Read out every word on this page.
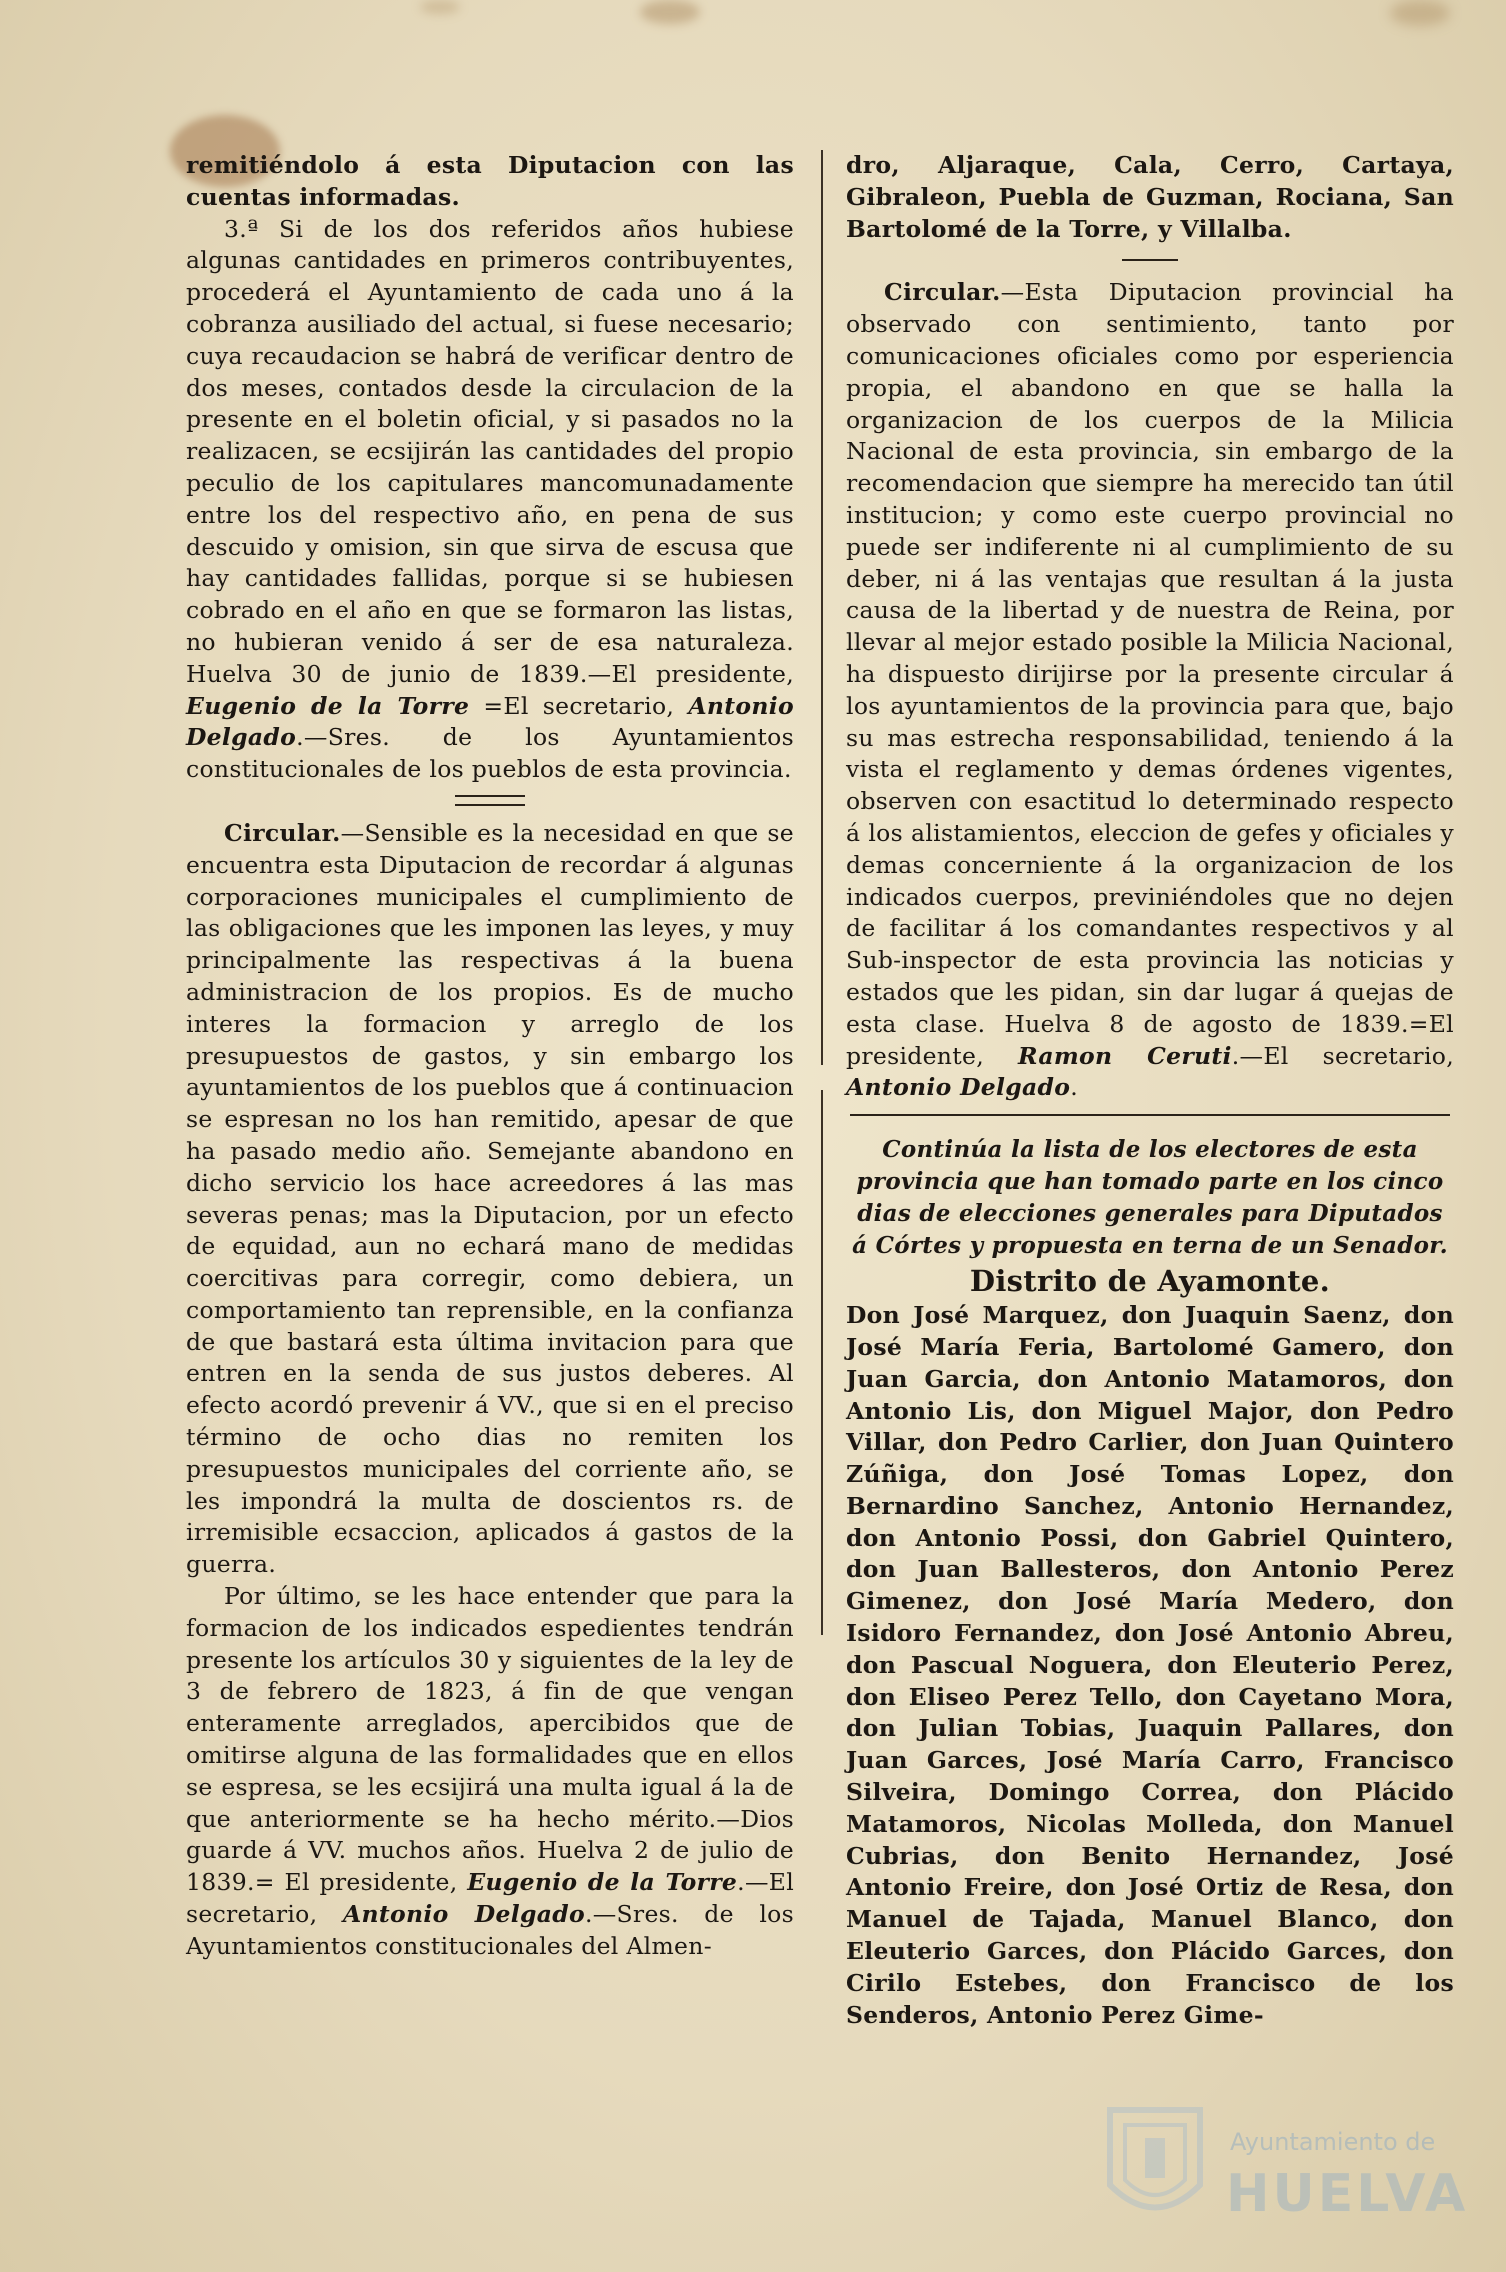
remitiéndolo á esta Diputacion con las cuentas informadas.

3.ª Si de los dos referidos años hubiese algunas cantidades en primeros contribuyentes, procederá el Ayuntamiento de cada uno á la cobranza ausiliado del actual, si fuese necesario; cuya recaudacion se habrá de verificar dentro de dos meses, contados desde la circulacion de la presente en el boletin oficial, y si pasados no la realizacen, se ecsijirán las cantidades del propio peculio de los capitulares mancomunadamente entre los del respectivo año, en pena de sus descuido y omision, sin que sirva de escusa que hay cantidades fallidas, porque si se hubiesen cobrado en el año en que se formaron las listas, no hubieran venido á ser de esa naturaleza. Huelva 30 de junio de 1839.—El presidente, Eugenio de la Torre =El secretario, Antonio Delgado.—Sres. de los Ayuntamientos constitucionales de los pueblos de esta provincia.

Circular.—Sensible es la necesidad en que se encuentra esta Diputacion de recordar á algunas corporaciones municipales el cumplimiento de las obligaciones que les imponen las leyes, y muy principalmente las respectivas á la buena administracion de los propios. Es de mucho interes la formacion y arreglo de los presupuestos de gastos, y sin embargo los ayuntamientos de los pueblos que á continuacion se espresan no los han remitido, apesar de que ha pasado medio año. Semejante abandono en dicho servicio los hace acreedores á las mas severas penas; mas la Diputacion, por un efecto de equidad, aun no echará mano de medidas coercitivas para corregir, como debiera, un comportamiento tan reprensible, en la confianza de que bastará esta última invitacion para que entren en la senda de sus justos deberes. Al efecto acordó prevenir á VV., que si en el preciso término de ocho dias no remiten los presupuestos municipales del corriente año, se les impondrá la multa de doscientos rs. de irremisible ecsaccion, aplicados á gastos de la guerra.

Por último, se les hace entender que para la formacion de los indicados espedientes tendrán presente los artículos 30 y siguientes de la ley de 3 de febrero de 1823, á fin de que vengan enteramente arreglados, apercibidos que de omitirse alguna de las formalidades que en ellos se espresa, se les ecsijirá una multa igual á la de que anteriormente se ha hecho mérito.—Dios guarde á VV. muchos años. Huelva 2 de julio de 1839.= El presidente, Eugenio de la Torre.—El secretario, Antonio Delgado.—Sres. de los Ayuntamientos constitucionales del Almen-

dro, Aljaraque, Cala, Cerro, Cartaya, Gibraleon, Puebla de Guzman, Rociana, San Bartolomé de la Torre, y Villalba.

Circular.—Esta Diputacion provincial ha observado con sentimiento, tanto por comunicaciones oficiales como por esperiencia propia, el abandono en que se halla la organizacion de los cuerpos de la Milicia Nacional de esta provincia, sin embargo de la recomendacion que siempre ha merecido tan útil institucion; y como este cuerpo provincial no puede ser indiferente ni al cumplimiento de su deber, ni á las ventajas que resultan á la justa causa de la libertad y de nuestra de Reina, por llevar al mejor estado posible la Milicia Nacional, ha dispuesto dirijirse por la presente circular á los ayuntamientos de la provincia para que, bajo su mas estrecha responsabilidad, teniendo á la vista el reglamento y demas órdenes vigentes, observen con esactitud lo determinado respecto á los alistamientos, eleccion de gefes y oficiales y demas concerniente á la organizacion de los indicados cuerpos, previniéndoles que no dejen de facilitar á los comandantes respectivos y al Sub-inspector de esta provincia las noticias y estados que les pidan, sin dar lugar á quejas de esta clase. Huelva 8 de agosto de 1839.=El presidente, Ramon Ceruti.—El secretario, Antonio Delgado.

Continúa la lista de los electores de esta provincia que han tomado parte en los cinco dias de elecciones generales para Diputados á Córtes y propuesta en terna de un Senador.

Distrito de Ayamonte.

Don José Marquez, don Juaquin Saenz, don José María Feria, Bartolomé Gamero, don Juan Garcia, don Antonio Matamoros, don Antonio Lis, don Miguel Major, don Pedro Villar, don Pedro Carlier, don Juan Quintero Zúñiga, don José Tomas Lopez, don Bernardino Sanchez, Antonio Hernandez, don Antonio Possi, don Gabriel Quintero, don Juan Ballesteros, don Antonio Perez Gimenez, don José María Medero, don Isidoro Fernandez, don José Antonio Abreu, don Pascual Noguera, don Eleuterio Perez, don Eliseo Perez Tello, don Cayetano Mora, don Julian Tobias, Juaquin Pallares, don Juan Garces, José María Carro, Francisco Silveira, Domingo Correa, don Plácido Matamoros, Nicolas Molleda, don Manuel Cubrias, don Benito Hernandez, José Antonio Freire, don José Ortiz de Resa, don Manuel de Tajada, Manuel Blanco, don Eleuterio Garces, don Plácido Garces, don Cirilo Estebes, don Francisco de los Senderos, Antonio Perez Gime-

Ayuntamiento de
HUELVA
